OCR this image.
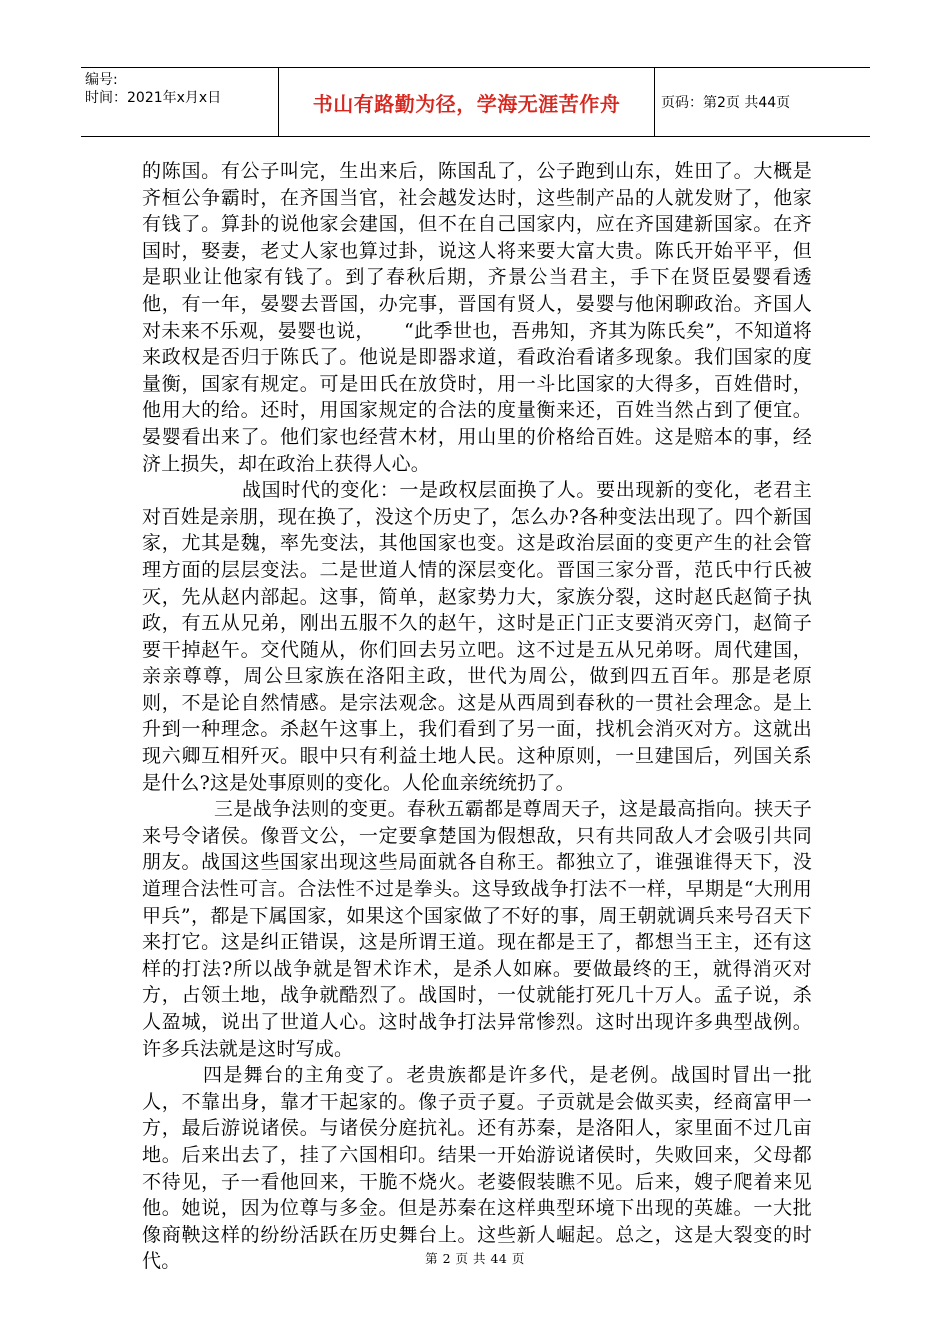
编号:
时间：2021年x月x日	书山有路勤为径，学海无涯苦作舟	页码：第2页 共44页

的陈国。有公子叫完，生出来后，陈国乱了，公子跑到山东，姓田了。大概是齐桓公争霸时，在齐国当官，社会越发达时，这些制产品的人就发财了，他家有钱了。算卦的说他家会建国，但不在自己国家内，应在齐国建新国家。在齐国时，娶妻，老丈人家也算过卦，说这人将来要大富大贵。陈氏开始平平，但是职业让他家有钱了。到了春秋后期，齐景公当君主，手下在贤臣晏婴看透他，有一年，晏婴去晋国，办完事，晋国有贤人，晏婴与他闲聊政治。齐国人对未来不乐观，晏婴也说，　　“此季世也，吾弗知，齐其为陈氏矣”，不知道将来政权是否归于陈氏了。他说是即器求道，看政治看诸多现象。我们国家的度量衡，国家有规定。可是田氏在放贷时，用一斗比国家的大得多，百姓借时，他用大的给。还时，用国家规定的合法的度量衡来还，百姓当然占到了便宜。晏婴看出来了。他们家也经营木材，用山里的价格给百姓。这是赔本的事，经济上损失，却在政治上获得人心。

战国时代的变化：一是政权层面换了人。要出现新的变化，老君主对百姓是亲朋，现在换了，没这个历史了，怎么办?各种变法出现了。四个新国家，尤其是魏，率先变法，其他国家也变。这是政治层面的变更产生的社会管理方面的层层变法。二是世道人情的深层变化。晋国三家分晋，范氏中行氏被灭，先从赵内部起。这事，简单，赵家势力大，家族分裂，这时赵氏赵简子执政，有五从兄弟，刚出五服不久的赵午，这时是正门正支要消灭旁门，赵简子要干掉赵午。交代随从，你们回去另立吧。这不过是五从兄弟呀。周代建国，亲亲尊尊，周公旦家族在洛阳主政，世代为周公，做到四五百年。那是老原则，不是论自然情感。是宗法观念。这是从西周到春秋的一贯社会理念。是上升到一种理念。杀赵午这事上，我们看到了另一面，找机会消灭对方。这就出现六卿互相歼灭。眼中只有利益土地人民。这种原则，一旦建国后，列国关系是什么?这是处事原则的变化。人伦血亲统统扔了。

三是战争法则的变更。春秋五霸都是尊周天子，这是最高指向。挟天子来号令诸侯。像晋文公，一定要拿楚国为假想敌，只有共同敌人才会吸引共同朋友。战国这些国家出现这些局面就各自称王。都独立了，谁强谁得天下，没道理合法性可言。合法性不过是拳头。这导致战争打法不一样，早期是“大刑用甲兵”，都是下属国家，如果这个国家做了不好的事，周王朝就调兵来号召天下来打它。这是纠正错误，这是所谓王道。现在都是王了，都想当王主，还有这样的打法?所以战争就是智术诈术，是杀人如麻。要做最终的王，就得消灭对方，占领土地，战争就酷烈了。战国时，一仗就能打死几十万人。孟子说，杀人盈城，说出了世道人心。这时战争打法异常惨烈。这时出现许多典型战例。许多兵法就是这时写成。

四是舞台的主角变了。老贵族都是许多代，是老例。战国时冒出一批人，不靠出身，靠才干起家的。像子贡子夏。子贡就是会做买卖，经商富甲一方，最后游说诸侯。与诸侯分庭抗礼。还有苏秦，是洛阳人，家里面不过几亩地。后来出去了，挂了六国相印。结果一开始游说诸侯时，失败回来，父母都不待见，子一看他回来，干脆不烧火。老婆假装瞧不见。后来，嫂子爬着来见他。她说，因为位尊与多金。但是苏秦在这样典型环境下出现的英雄。一大批像商鞅这样的纷纷活跃在历史舞台上。这些新人崛起。总之，这是大裂变的时代。	第 2 页 共 44 页
